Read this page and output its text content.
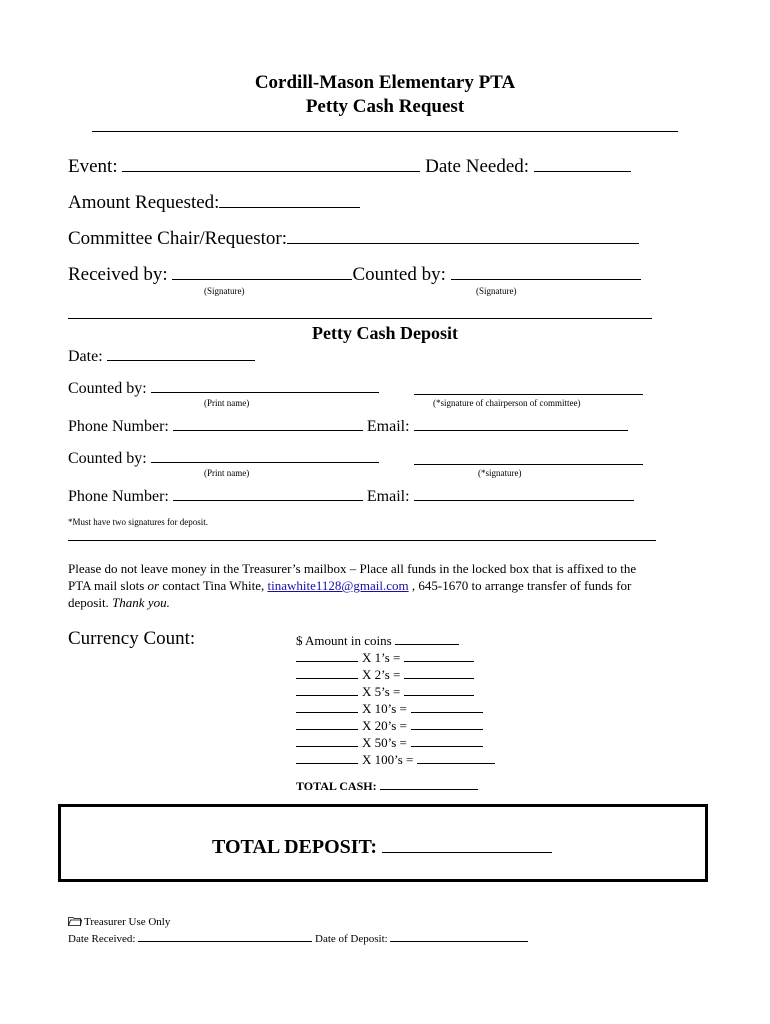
Cordill-Mason Elementary PTA
Petty Cash Request
Event:	Date Needed:
Amount Requested:
Committee Chair/Requestor:
Received by:	Counted by:
(Signature)	(Signature)
Petty Cash Deposit
Date:
Counted by:
(Print name)	(*signature of chairperson of committee)
Phone Number:	Email:
Counted by:
(Print name)	(*signature)
Phone Number:	Email:
*Must have two signatures for deposit.
Please do not leave money in the Treasurer’s mailbox – Place all funds in the locked box that is affixed to the
PTA mail slots or contact Tina White, tinawhite1128@gmail.com , 645-1670 to arrange transfer of funds for
deposit. Thank you.
Currency Count:	$ Amount in coins
X 1’s =
X 2’s =
X 5’s =
X 10’s =
X 20’s =
X 50’s =
X 100’s =
TOTAL CASH:
TOTAL DEPOSIT:
Treasurer Use Only
Date Received:	Date of Deposit:
